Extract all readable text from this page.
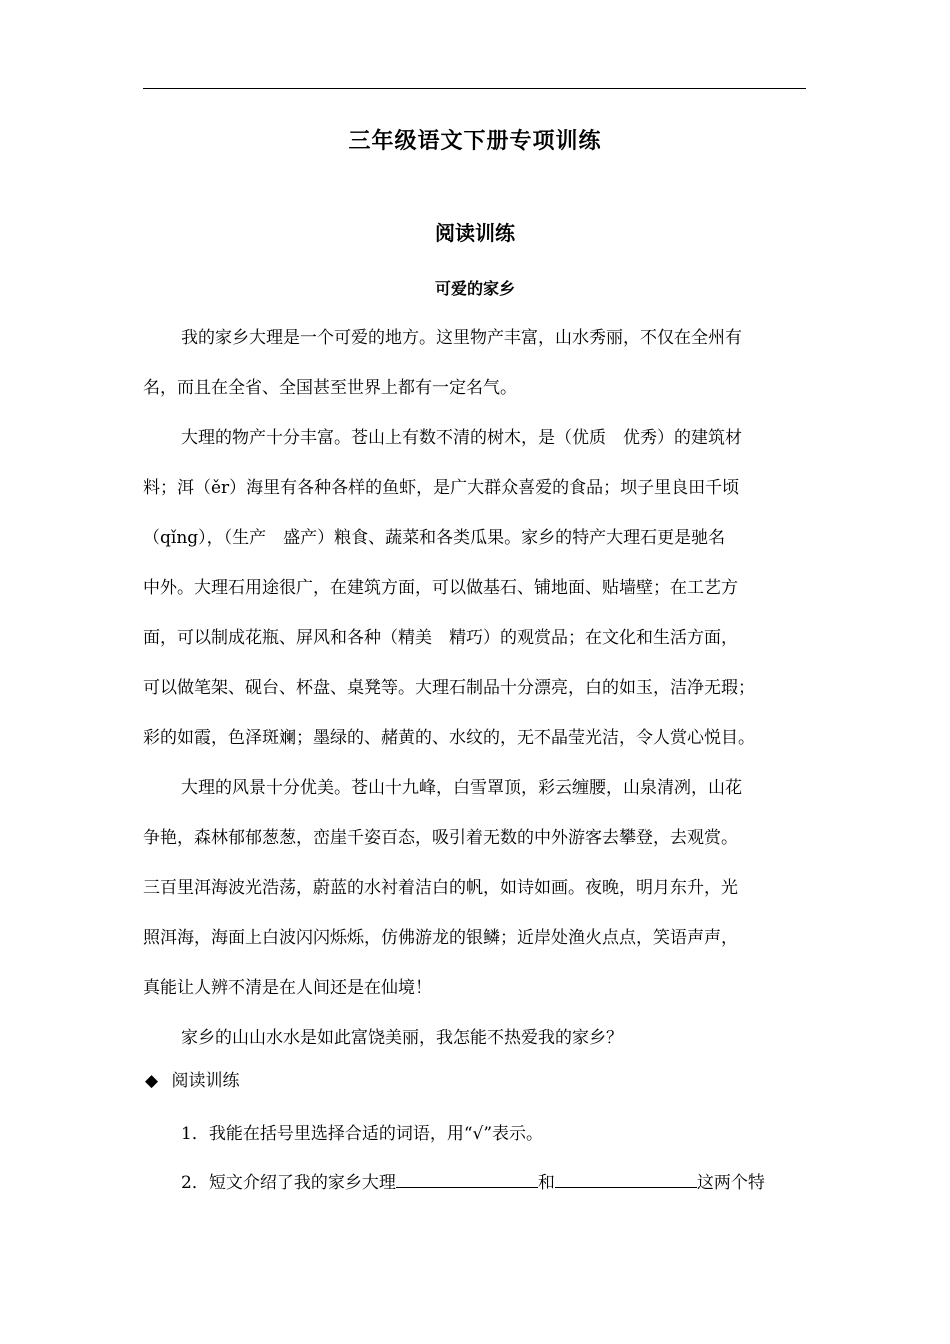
三年级语文下册专项训练
阅读训练
可爱的家乡
我的家乡大理是一个可爱的地方。这里物产丰富，山水秀丽，不仅在全州有
名，而且在全省、全国甚至世界上都有一定名气。
大理的物产十分丰富。苍山上有数不清的树木，是（优质　优秀）的建筑材
料；洱（ěr）海里有各种各样的鱼虾，是广大群众喜爱的食品；坝子里良田千顷
（qǐng），（生产　盛产）粮食、蔬菜和各类瓜果。家乡的特产大理石更是驰名
中外。大理石用途很广，在建筑方面，可以做基石、铺地面、贴墙壁；在工艺方
面，可以制成花瓶、屏风和各种（精美　精巧）的观赏品；在文化和生活方面，
可以做笔架、砚台、杯盘、桌凳等。大理石制品十分漂亮，白的如玉，洁净无瑕；
彩的如霞，色泽斑斓；墨绿的、赭黄的、水纹的，无不晶莹光洁，令人赏心悦目。
大理的风景十分优美。苍山十九峰，白雪罩顶，彩云缠腰，山泉清冽，山花
争艳，森林郁郁葱葱，峦崖千姿百态，吸引着无数的中外游客去攀登，去观赏。
三百里洱海波光浩荡，蔚蓝的水衬着洁白的帆，如诗如画。夜晚，明月东升，光
照洱海，海面上白波闪闪烁烁，仿佛游龙的银鳞；近岸处渔火点点，笑语声声，
真能让人辨不清是在人间还是在仙境！
家乡的山山水水是如此富饶美丽，我怎能不热爱我的家乡？
◆ 阅读训练
1．我能在括号里选择合适的词语，用“√”表示。
2．短文介绍了我的家乡大理	和	这两个特
